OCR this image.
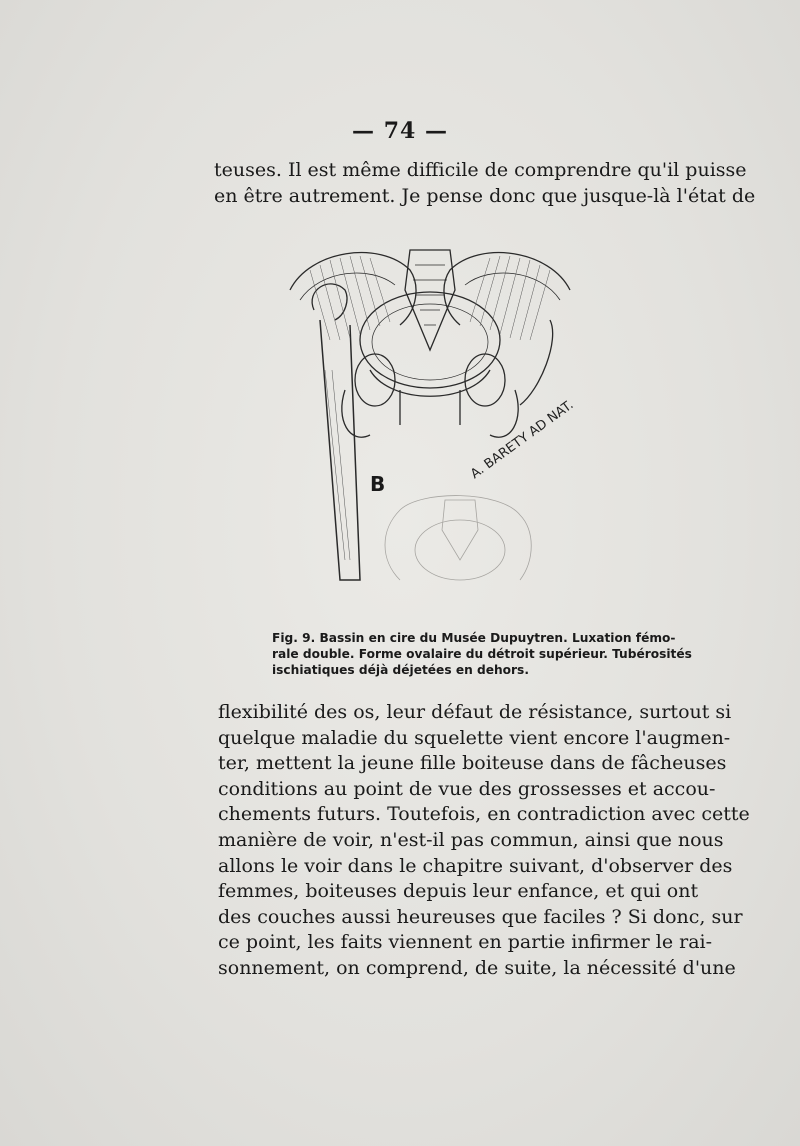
— 74 —
teuses. Il est même difficile de comprendre qu'il puisse
en être autrement. Je pense donc que jusque-là l'état de
B
A. BARETY AD NAT.
Fig. 9. Bassin en cire du Musée Dupuytren. Luxation fémo-
rale double. Forme ovalaire du détroit supérieur. Tubérosités
ischiatiques déjà déjetées en dehors.
flexibilité des os, leur défaut de résistance, surtout si
quelque maladie du squelette vient encore l'augmen-
ter, mettent la jeune fille boiteuse dans de fâcheuses
conditions au point de vue des grossesses et accou-
chements futurs. Toutefois, en contradiction avec cette
manière de voir, n'est-il pas commun, ainsi que nous
allons le voir dans le chapitre suivant, d'observer des
femmes, boiteuses depuis leur enfance, et qui ont
des couches aussi heureuses que faciles ? Si donc, sur
ce point, les faits viennent en partie infirmer le rai-
sonnement, on comprend, de suite, la nécessité d'une
